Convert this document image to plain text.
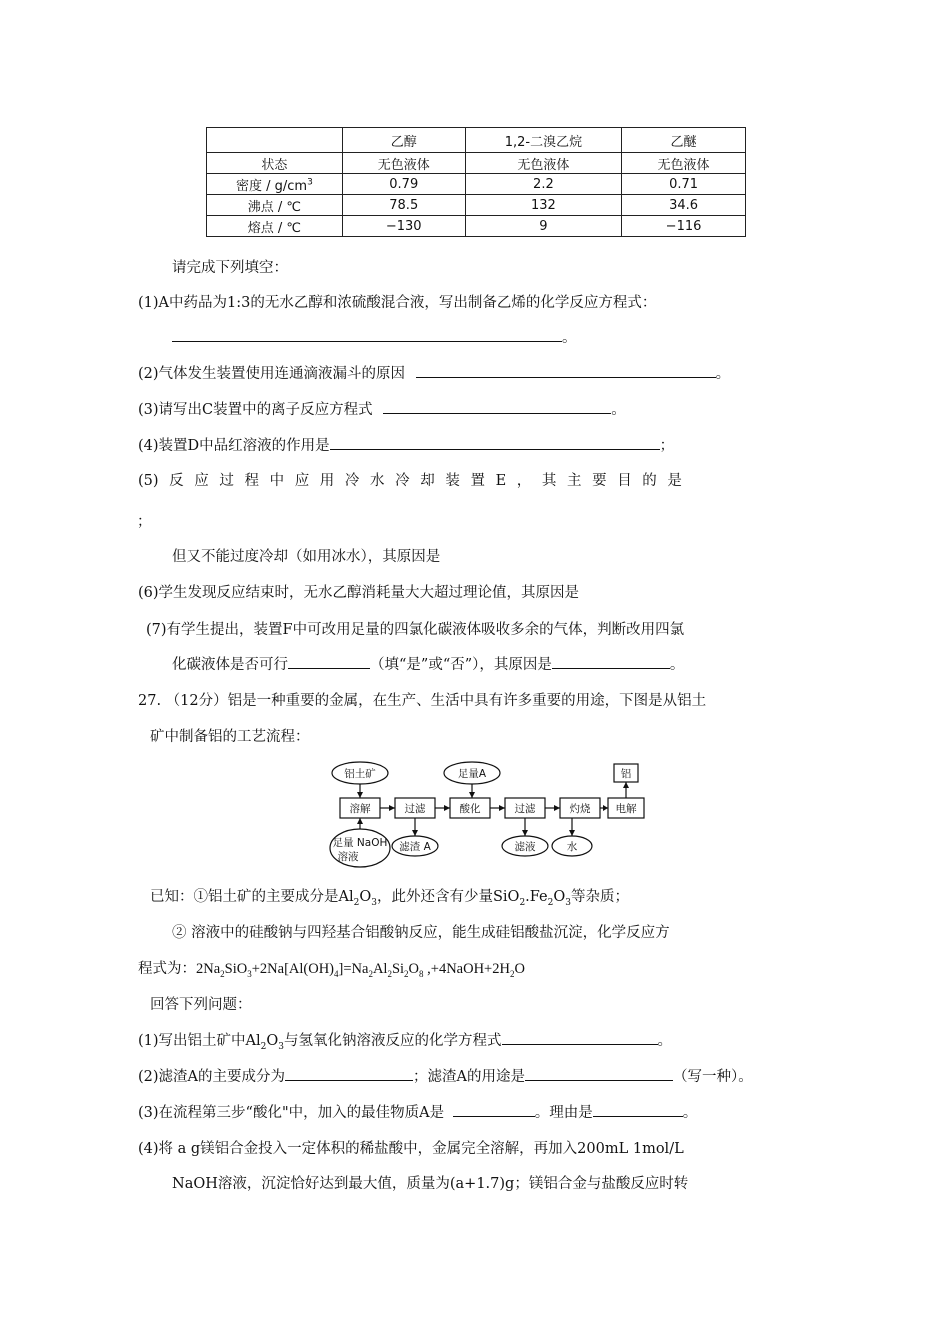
	乙醇	1,2-二溴乙烷	乙醚
状态	无色液体	无色液体	无色液体
密度 / $g/cm^3$	0.79	2.2	0.71
沸点 / ℃	78.5	132	34.6
熔点 / ℃	−130	9	−116
请完成下列填空：
(1)A中药品为1:3的无水乙醇和浓硫酸混合液，写出制备乙烯的化学反应方程式：
。
(2)气体发生装置使用连通滴液漏斗的原因	。
(3)请写出C装置中的离子反应方程式	。
(4)装置D中品红溶液的作用是	；
(5) 反 应 过 程 中 应 用 冷 水 冷 却 装 置 E ， 其 主 要 目 的 是
；
但又不能过度冷却（如用冰水），其原因是
(6)学生发现反应结束时，无水乙醇消耗量大大超过理论值，其原因是
(7)有学生提出，装置F中可改用足量的四氯化碳液体吸收多余的气体，判断改用四氯
化碳液体是否可行	（填“是”或“否”），其原因是	。
27. （12分）铝是一种重要的金属，在生产、生活中具有许多重要的用途，下图是从铝土
矿中制备铝的工艺流程：
铝土矿	足量A	铝
溶解	过滤	酸化	过滤	灼烧 电解
足量 NaOH
溶液
滤渣 A	滤液	水
已知：①铝土矿的主要成分是$Al_2O_3$，此外还含有少量$SiO_2.Fe_2O_3$等杂质；
② 溶液中的硅酸钠与四羟基合铝酸钠反应，能生成硅铝酸盐沉淀，化学反应方
程式为：$2Na_2SiO_3+2Na[Al(OH)_4]=Na_2Al_2Si_2O_8$ $,+4NaOH+2H_2O$
回答下列问题：
(1)写出铝土矿中$Al_2O_3$与氢氧化钠溶液反应的化学方程式	。
(2)滤渣A的主要成分为	；滤渣A的用途是	（写一种）。
(3)在流程第三步“酸化"中，加入的最佳物质A是	。理由是	。
(4)将 a g镁铝合金投入一定体积的稀盐酸中，金属完全溶解，再加入200mL 1mol/L
NaOH溶液，沉淀恰好达到最大值，质量为(a+1.7)g；镁铝合金与盐酸反应时转
